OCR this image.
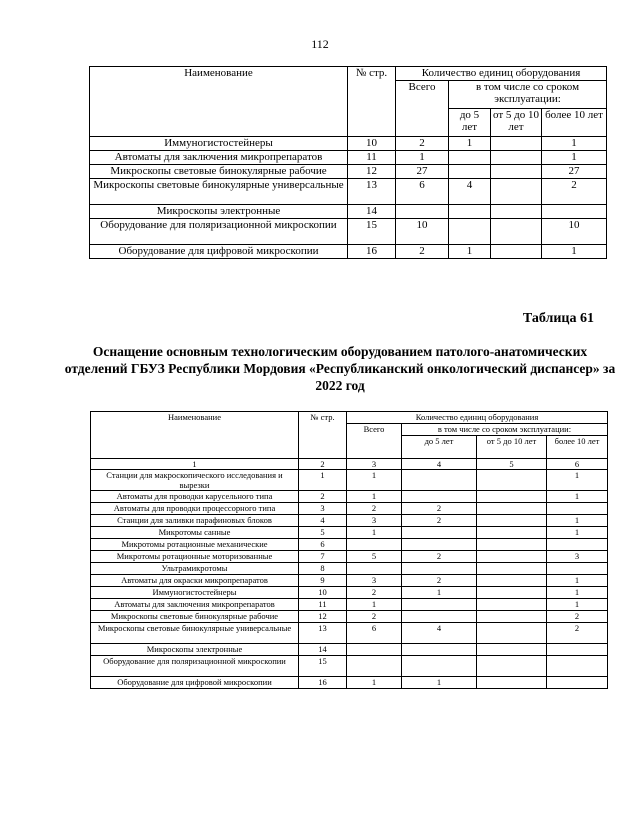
112
Наименование	№ стр.	Количество единиц оборудования			
		Всего	в том числе со сроком эксплуатации:		
			до 5 лет	от 5 до 10 лет	более 10 лет
Иммуногистостейнеры	10	2	1		1
Автоматы для заключения микропрепаратов	11	1			1
Микроскопы световые бинокулярные рабочие	12	27			27
Микроскопы световые бинокулярные универсальные	13	6	4		2
Микроскопы электронные	14				
Оборудование для поляризационной микроскопии	15	10			10
Оборудование для цифровой микроскопии	16	2	1		1
Таблица 61
Оснащение основным технологическим оборудованием патолого-анатомических отделений ГБУЗ Республики Мордовия «Республиканский онкологический диспансер» за 2022 год
Наименование	№ стр.	Количество единиц оборудования			
		Всего	в том числе со сроком эксплуатации:		
			до 5 лет	от 5 до 10 лет	более 10 лет
1	2	3	4	5	6
Станции для макроскопического исследования и вырезки	1	1			1
Автоматы для проводки карусельного типа	2	1			1
Автоматы для проводки процессорного типа	3	2	2		
Станции для заливки парафиновых блоков	4	3	2		1
Микротомы санные	5	1			1
Микротомы ротационные механические	6				
Микротомы ротационные моторизованные	7	5	2		3
Ультрамикротомы	8				
Автоматы для окраски микропрепаратов	9	3	2		1
Иммуногистостейнеры	10	2	1		1
Автоматы для заключения микропрепаратов	11	1			1
Микроскопы световые бинокулярные рабочие	12	2			2
Микроскопы световые бинокулярные универсальные	13	6	4		2
Микроскопы электронные	14				
Оборудование для поляризационной микроскопии	15				
Оборудование для цифровой микроскопии	16	1	1		
